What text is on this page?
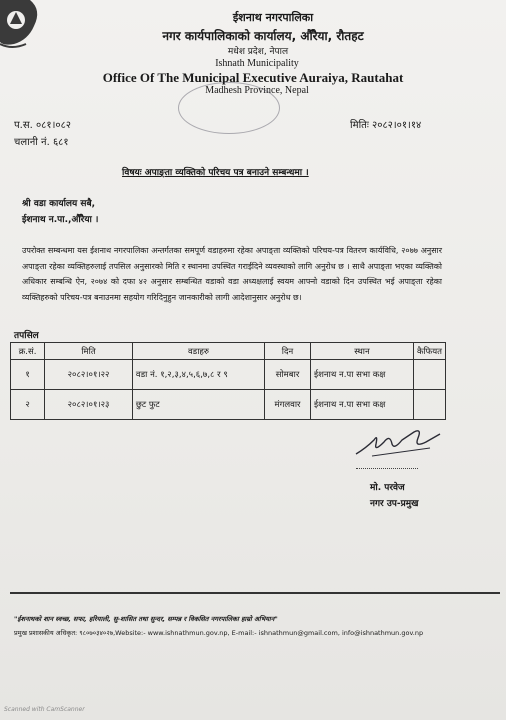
ईशनाथ नगरपालिका
नगर कार्यपालिकाको कार्यालय, औँरैया, रौतहट
मधेश प्रदेश, नेपाल
Ishnath Municipality
Office Of The Municipal Executive Auraiya, Rautahat
Madhesh Province, Nepal
प.स. ०८१।०८२
चलानी नं. ६८१
मितिः २०८२।०१।१४
विषयः अपाङ्ता व्यक्तिको परिचय पत्र बनाउने सम्बन्धमा ।
श्री वडा कार्यालय सबै,
ईशनाथ न.पा.,औँरैया ।
उपरोक्त सम्बन्धमा यस ईशनाथ नगरपालिका अन्तर्गतका समपूर्ण वडाहरुमा रहेका अपाङ्ता व्यक्तिको परिचय-पत्र वितरण कार्यविधि, २०७७ अनुसार अपाङ्ता रहेका व्यक्तिहरुलाई तपसिल अनुसारको मिति र स्थानमा उपस्थित गराईदिने व्यवस्थाको लागि अनुरोध छ । साथै अपाङ्ता भएका व्यक्तिको अधिकार सम्बन्धि ऐन, २०७४ को दफा ४२ अनुसार सम्बन्धित वडाको वडा अध्यक्षलाई स्वयम आफ्नो वडाको दिन उपस्थित भई अपाङ्ता रहेका व्यक्तिहरुको परिचय-पत्र बनाउनमा सहयोग गरिदिनुहुन जानकारीको लागी आदेशानुसार अनुरोध छ।
तपसिल
क्र.सं.	मिति	वडाहरु	दिन	स्थान	कैफियत
१	२०८२।०१।२२	वडा नं. १,२,३,४,५,६,७,८ र ९	सोमबार	ईशनाथ न.पा सभा कक्ष	
२	२०८२।०१।२३	छुट फुट	मंगलवार	ईशनाथ न.पा सभा कक्ष	
मो. परवेज
नगर उप-प्रमुख
"ईशनाथको शान स्वच्छ, सफा, हरियाली, सु-शासित तथा सुन्दर, सम्पन्न र विकसित नगरपालिका हाम्रो अभियान"
प्रमुख प्रशासकीय अधिकृत: ९८०७०३४०२७,Website:- www.ishnathmun.gov.np, E-mail:- ishnathmun@gmail.com, info@ishnathmun.gov.np
Scanned with CamScanner
